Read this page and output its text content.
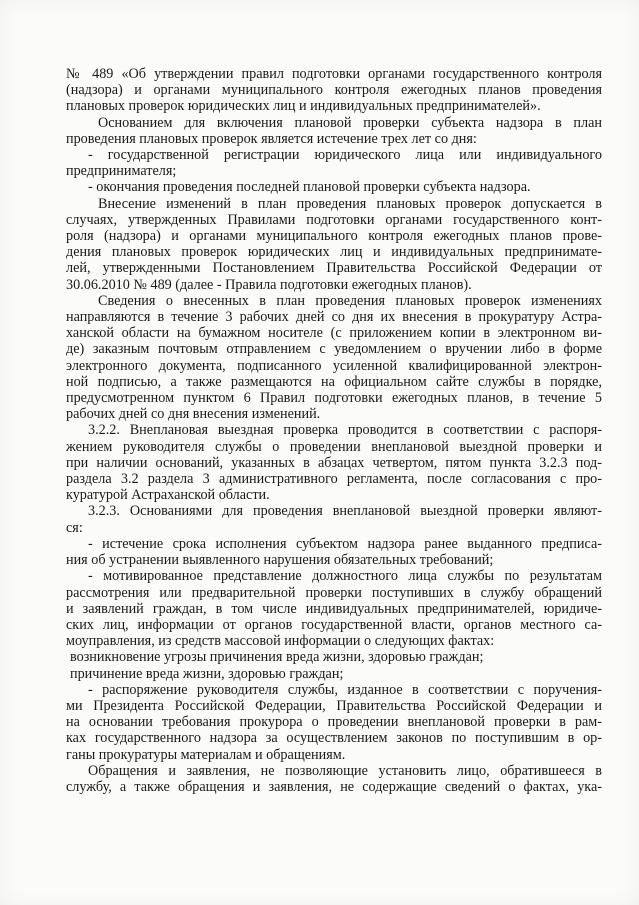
№ 489 «Об утверждении правил подготовки органами государственного контроля

(надзора) и органами муниципального контроля ежегодных планов проведения

плановых проверок юридических лиц и индивидуальных предпринимателей».

Основанием для включения плановой проверки субъекта надзора в план

проведения плановых проверок является истечение трех лет со дня:

- государственной регистрации юридического лица или индивидуального

предпринимателя;

- окончания проведения последней плановой проверки субъекта надзора.

Внесение изменений в план проведения плановых проверок допускается в

случаях, утвержденных Правилами подготовки органами государственного конт-

роля (надзора) и органами муниципального контроля ежегодных планов прове-

дения плановых проверок юридических лиц и индивидуальных предпринимате-

лей, утвержденными Постановлением Правительства Российской Федерации от

30.06.2010 № 489 (далее - Правила подготовки ежегодных планов).

Сведения о внесенных в план проведения плановых проверок изменениях

направляются в течение 3 рабочих дней со дня их внесения в прокуратуру Астра-

ханской области на бумажном носителе (с приложением копии в электронном ви-

де) заказным почтовым отправлением с уведомлением о вручении либо в форме

электронного документа, подписанного усиленной квалифицированной электрон-

ной подписью, а также размещаются на официальном сайте службы в порядке,

предусмотренном пунктом 6 Правил подготовки ежегодных планов, в течение 5

рабочих дней со дня внесения изменений.

3.2.2. Внеплановая выездная проверка проводится в соответствии с распоря-

жением руководителя службы о проведении внеплановой выездной проверки и

при наличии оснований, указанных в абзацах четвертом, пятом пункта 3.2.3 под-

раздела 3.2 раздела 3 административного регламента, после согласования с про-

куратурой Астраханской области.

3.2.3. Основаниями для проведения внеплановой выездной проверки являют-

ся:

- истечение срока исполнения субъектом надзора ранее выданного предписа-

ния об устранении выявленного нарушения обязательных требований;

- мотивированное представление должностного лица службы по результатам

рассмотрения или предварительной проверки поступивших в службу обращений

и заявлений граждан, в том числе индивидуальных предпринимателей, юридиче-

ских лиц, информации от органов государственной власти, органов местного са-

моуправления, из средств массовой информации о следующих фактах:

возникновение угрозы причинения вреда жизни, здоровью граждан;

причинение вреда жизни, здоровью граждан;

- распоряжение руководителя службы, изданное в соответствии с поручения-

ми Президента Российской Федерации, Правительства Российской Федерации и

на основании требования прокурора о проведении внеплановой проверки в рам-

ках государственного надзора за осуществлением законов по поступившим в ор-

ганы прокуратуры материалам и обращениям.

Обращения и заявления, не позволяющие установить лицо, обратившееся в

службу, а также обращения и заявления, не содержащие сведений о фактах, ука-
